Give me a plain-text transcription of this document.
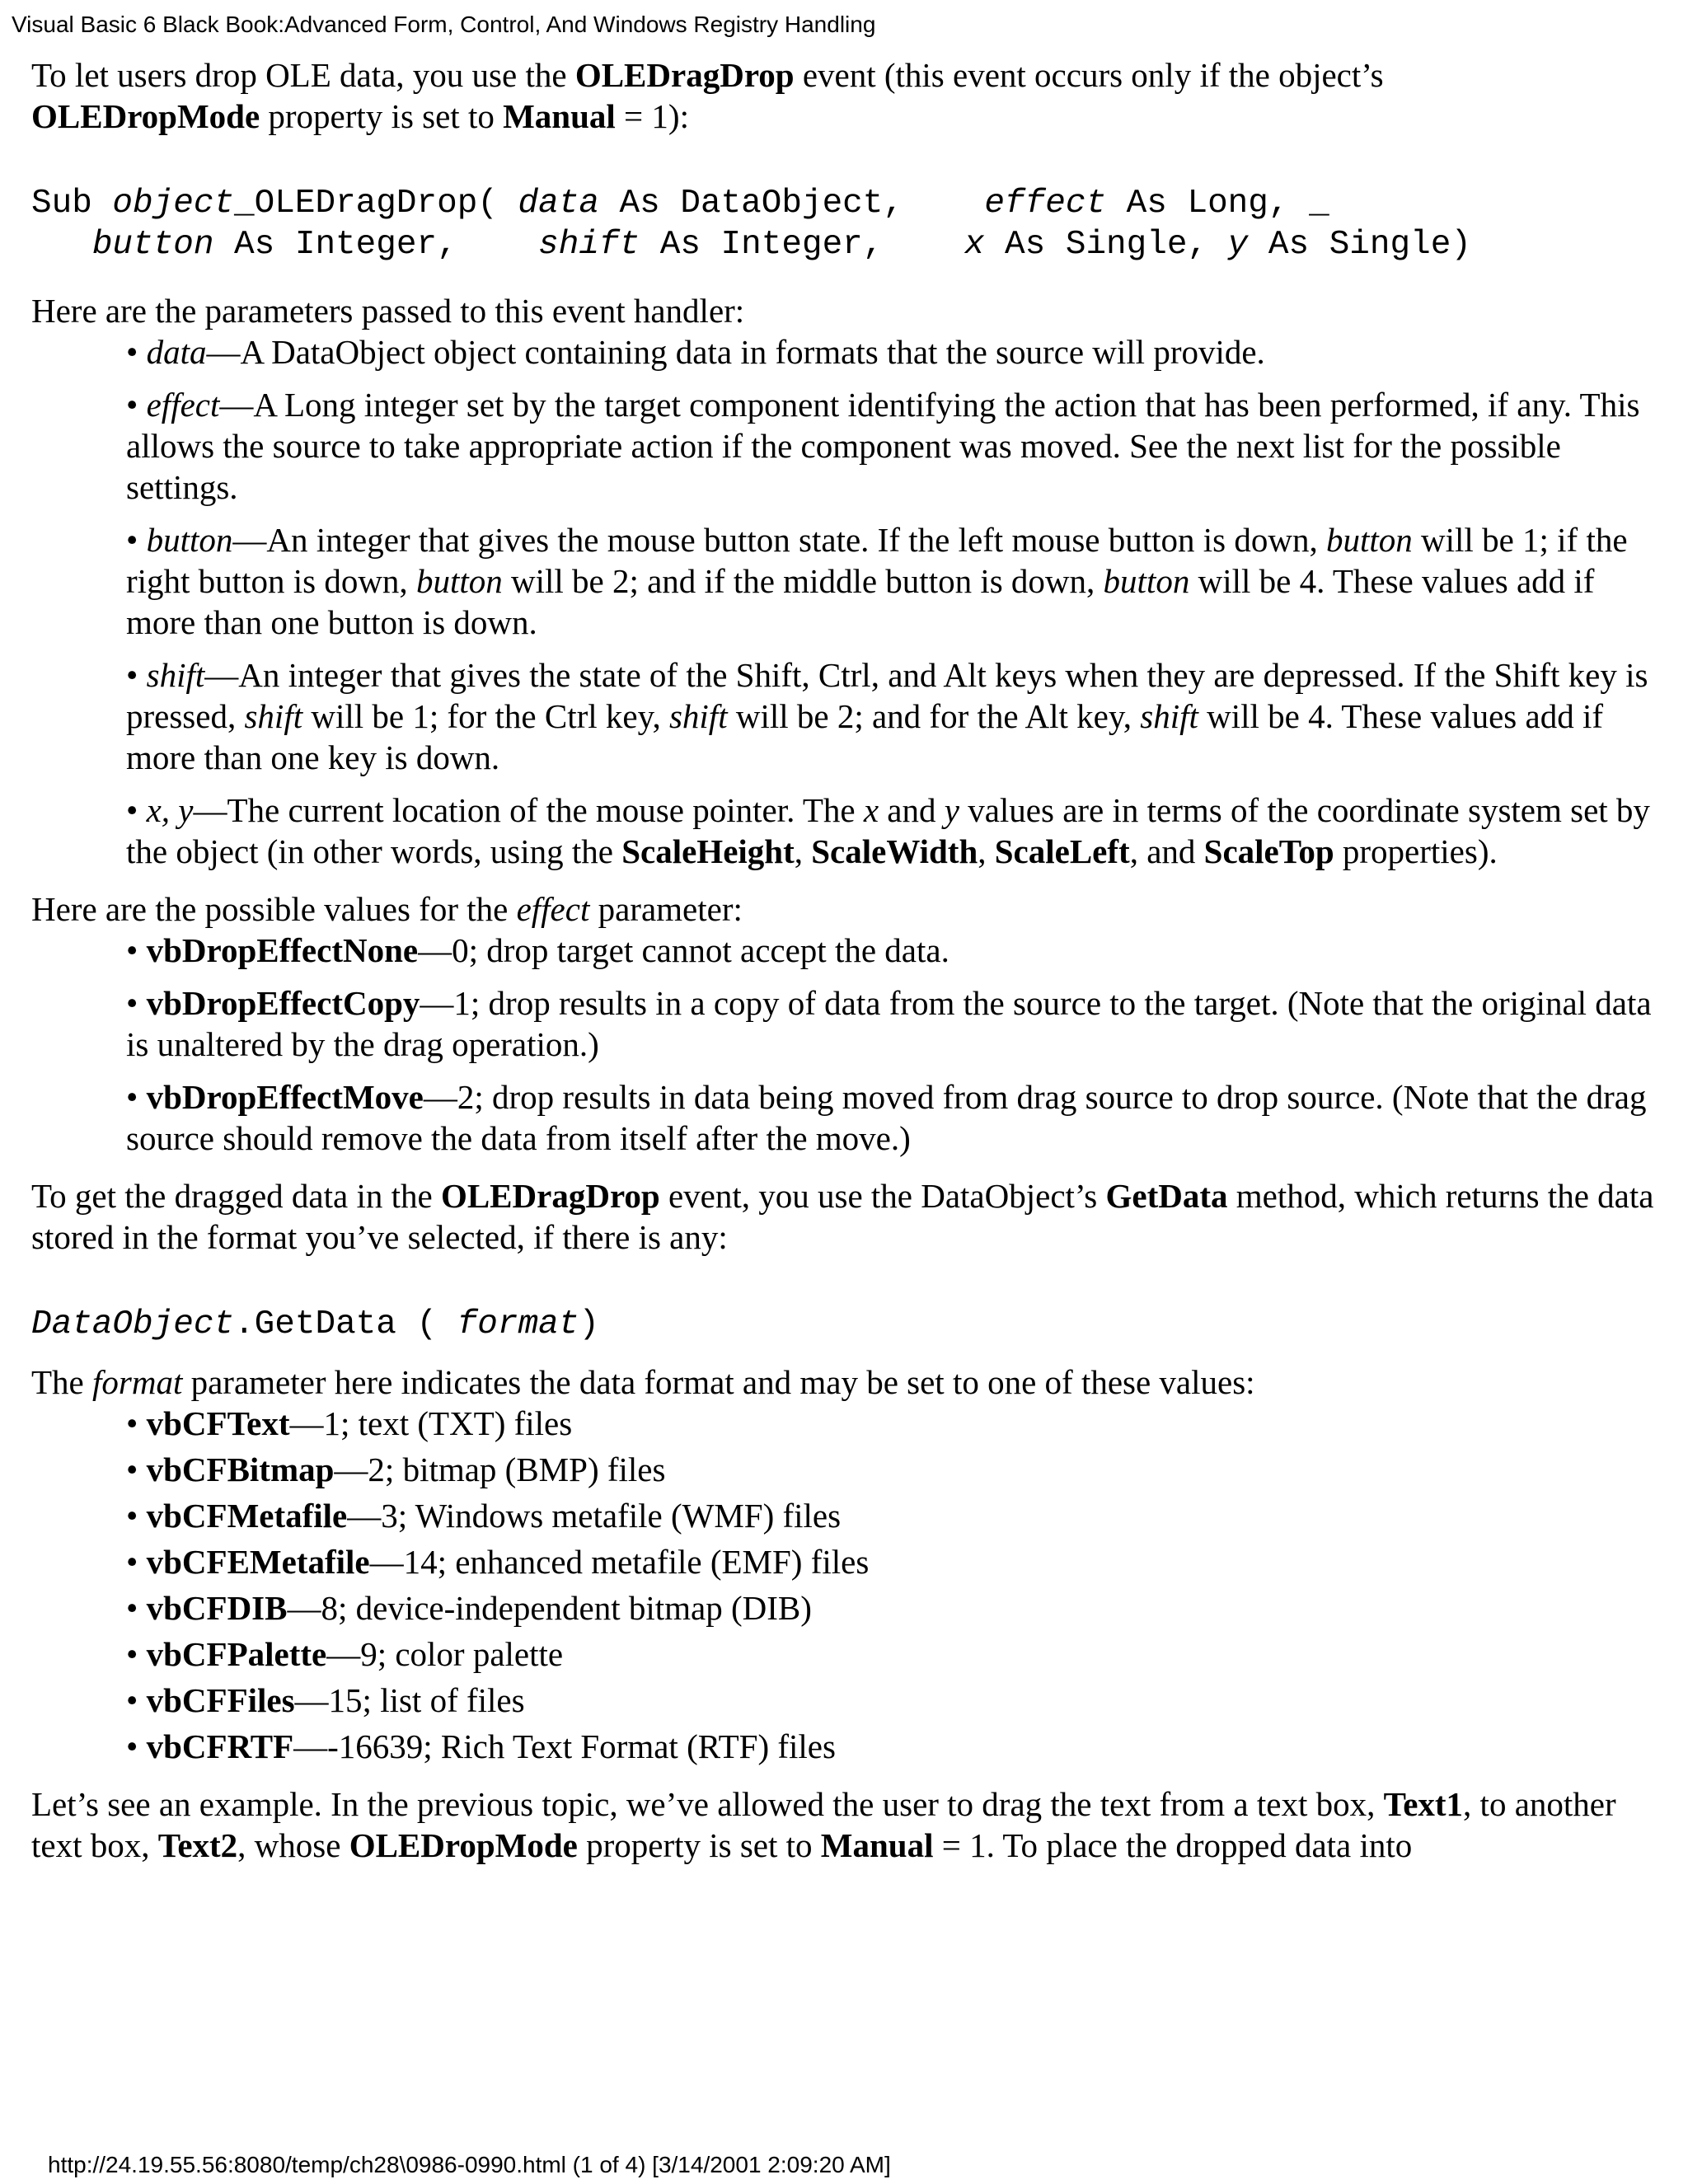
Visual Basic 6 Black Book:Advanced Form, Control, And Windows Registry Handling

To let users drop OLE data, you use the OLEDragDrop event (this event occurs only if the object’s
OLEDropMode property is set to Manual = 1):

Sub object_OLEDragDrop( data As DataObject,    effect As Long, _
button As Integer,    shift As Integer,    x As Single, y As Single)

Here are the parameters passed to this event handler:

• data—A DataObject object containing data in formats that the source will provide.
• effect—A Long integer set by the target component identifying the action that has been performed, if any. This allows the source to take appropriate action if the component was moved. See the next list for the possible settings.
• button—An integer that gives the mouse button state. If the left mouse button is down, button will be 1; if the right button is down, button will be 2; and if the middle button is down, button will be 4. These values add if more than one button is down.
• shift—An integer that gives the state of the Shift, Ctrl, and Alt keys when they are depressed. If the Shift key is pressed, shift will be 1; for the Ctrl key, shift will be 2; and for the Alt key, shift will be 4. These values add if more than one key is down.
• x, y—The current location of the mouse pointer. The x and y values are in terms of the coordinate system set by the object (in other words, using the ScaleHeight, ScaleWidth, ScaleLeft, and ScaleTop properties).

Here are the possible values for the effect parameter:

• vbDropEffectNone—0; drop target cannot accept the data.
• vbDropEffectCopy—1; drop results in a copy of data from the source to the target. (Note that the original data is unaltered by the drag operation.)
• vbDropEffectMove—2; drop results in data being moved from drag source to drop source. (Note that the drag source should remove the data from itself after the move.)

To get the dragged data in the OLEDragDrop event, you use the DataObject’s GetData method, which returns the data stored in the format you’ve selected, if there is any:

DataObject.GetData ( format)

The format parameter here indicates the data format and may be set to one of these values:

• vbCFText—1; text (TXT) files
• vbCFBitmap—2; bitmap (BMP) files
• vbCFMetafile—3; Windows metafile (WMF) files
• vbCFEMetafile—14; enhanced metafile (EMF) files
• vbCFDIB—8; device-independent bitmap (DIB)
• vbCFPalette—9; color palette
• vbCFFiles—15; list of files
• vbCFRTF—-16639; Rich Text Format (RTF) files

Let’s see an example. In the previous topic, we’ve allowed the user to drag the text from a text box, Text1, to another text box, Text2, whose OLEDropMode property is set to Manual = 1. To place the dropped data into

http://24.19.55.56:8080/temp/ch28\0986-0990.html (1 of 4) [3/14/2001 2:09:20 AM]
